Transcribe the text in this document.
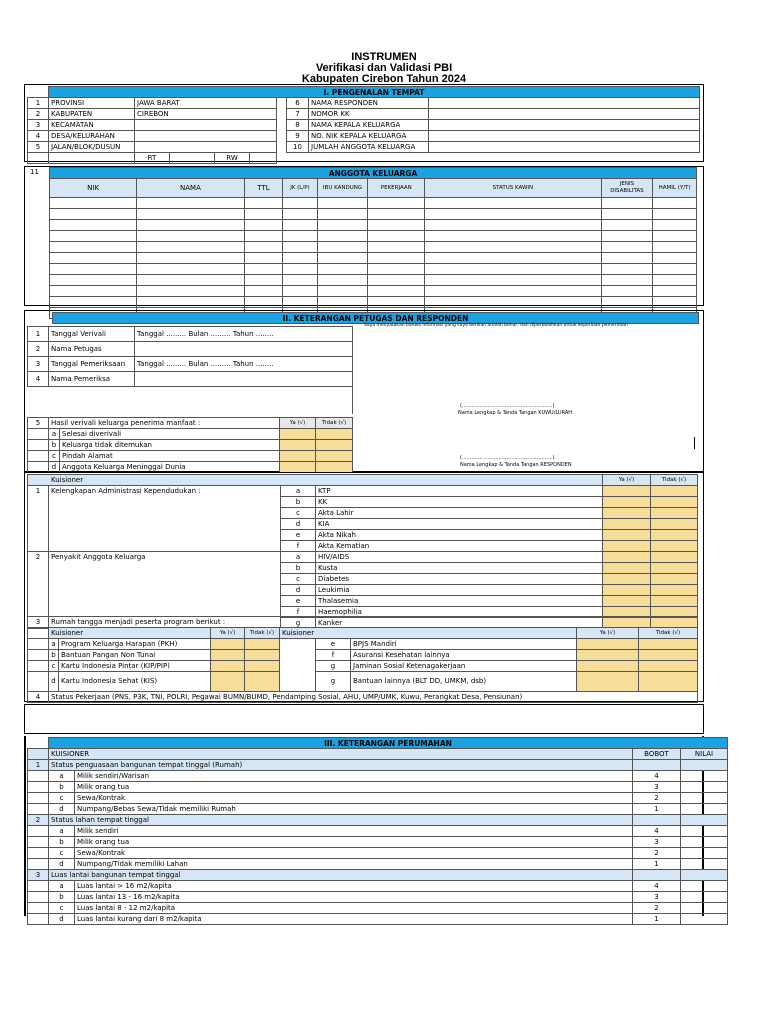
INSTRUMEN
Verifikasi dan Validasi PBI
Kabupaten Cirebon Tahun 2024
	I. PENGENALAN TEMPAT
1	PROVINSI	JAWA BARAT		6	NAMA RESPONDEN	
2	KABUPATEN	CIREBON		7	NOMOR KK	
3	KECAMATAN			8	NAMA KEPALA KELUARGA	
4	DESA/KELURAHAN			9	NO. NIK KEPALA KELUARGA	
5	JALAN/BLOK/DUSUN			10	JUMLAH ANGGOTA KELUARGA	

RT		RW	

11	ANGGOTA KELUARGA								
NIK	NAMA	TTL	JK (L/P)	IBU KANDUNG	PEKERJAAN	STATUS KAWIN	JENIS DISABILITAS	HAMIL (Y/T)

	II. KETERANGAN PETUGAS DAN RESPONDEN
Saya menyatakan bahwa informasi yang saya berikan adalah benar, dan diperbolehkan untuk keperluan pemerintah
1	Tanggal Verivali	Tanggal ......... Bulan ......... Tahun ........
2	Nama Petugas	
3	Tanggal Pemeriksaan	Tanggal ......... Bulan ......... Tahun ........
4	Nama Pemeriksa	
(.........................................................)
Nama Lengkap & Tanda Tangan KUWU/LURAH
(.........................................................)
Nama Lengkap & Tanda Tangan RESPONDEN
5	Hasil verivali keluarga penerima manfaat :		Ya (√)	Tidak (√)
	a	Selesai diverivali		
	b	Keluarga tidak ditemukan		
	c	Pindah Alamat		
	d	Anggota Keluarga Meninggal Dunia		
Kuisioner				Ya (√)	Tidak (√)
1	Kelengkapan Administrasi Kependudukan :	a	KTP		
		b	KK		
		c	Akta Lahir		
		d	KIA		
		e	Akta Nikah		
		f	Akta Kematian		
2	Penyakit Anggota Keluarga	a	HIV/AIDS		
		b	Kusta		
		c	Diabetes		
		d	Leukimia		
		e	Thalasemia		
		f	Haemophilia		
		g	Kanker		
3	Rumah tangga menjadi peserta program berikut :								
	Kuisioner		Ya (√)	Tidak (√)	Kuisioner			Ya (√)	Tidak (√)
	a	Program Keluarga Harapan (PKH)				e	BPJS Mandiri		
	b	Bantuan Pangan Non Tunai				f	Asuransi Kesehatan lainnya		
	c	Kartu Indonesia Pintar (KIP/PIP)				g	Jaminan Sosial Ketenagakerjaan		
	d	Kartu Indonesia Sehat (KIS)				g	Bantuan lainnya (BLT DD, UMKM, dsb)		
4	Status Pekerjaan (PNS, P3K, TNI, POLRI, Pegawai BUMN/BUMD, Pendamping Sosial, AHU, UMP/UMK, Kuwu, Perangkat Desa, Pensiunan)								
	III. KETERANGAN PERUMAHAN			
	KUISIONER		BOBOT	NILAI
1	Status penguasaan bangunan tempat tinggal (Rumah)			
	a	Milik sendiri/Warisan	4	
	b	Milik orang tua	3	
	c	Sewa/Kontrak	2	
	d	Numpang/Bebas Sewa/Tidak memiliki Rumah	1	
2	Status lahan tempat tinggal			
	a	Milik sendiri	4	
	b	Milik orang tua	3	
	c	Sewa/Kontrak	2	
	d	Numpang/Tidak memiliki Lahan	1	
3	Luas lantai bangunan tempat tinggal			
	a	Luas lantai > 16 m2/kapita	4	
	b	Luas lantai 13 - 16 m2/kapita	3	
	c	Luas lantai 8 - 12 m2/kapita	2	
	d	Luas lantai kurang dari 8 m2/kapita	1	
